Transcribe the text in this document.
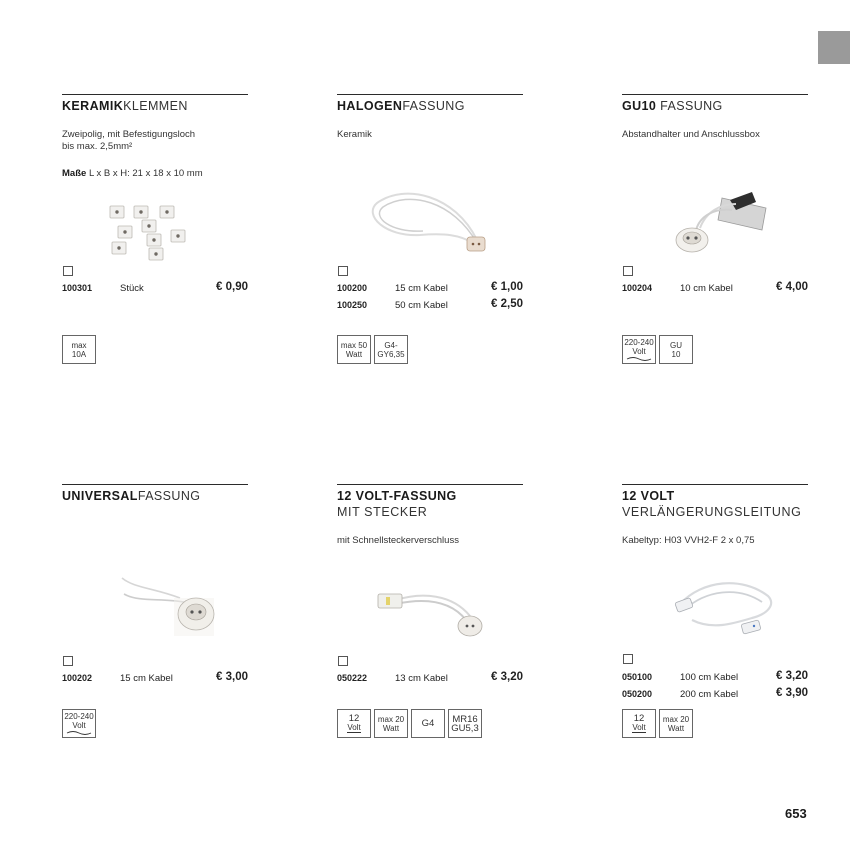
KERAMIKKLEMMEN
Zweipolig, mit Befestigungsloch
bis max. 2,5mm²
Maße L x B x H: 21 x 18 x 10 mm
100301	Stück	€ 0,90
max
10A
HALOGENFASSUNG
Keramik
100200	15 cm Kabel	€ 1,00
100250	50 cm Kabel	€ 2,50
max 50
Watt
G4-
GY6,35
GU10 FASSUNG
Abstandhalter und Anschlussbox
100204	10 cm Kabel	€ 4,00
220-240
Volt
GU
10
UNIVERSALFASSUNG
100202	15 cm Kabel	€ 3,00
220-240
Volt
12 VOLT-FASSUNG
MIT STECKER
mit Schnellsteckerverschluss
050222	13 cm Kabel	€ 3,20
12
Volt
max 20
Watt G4 MR16
GU5,3
12 VOLT
VERLÄNGERUNGSLEITUNG
Kabeltyp: H03 VVH2-F 2 x 0,75
050100	100 cm Kabel	€ 3,20
050200	200 cm Kabel	€ 3,90
12
Volt
max 20
Watt
653
